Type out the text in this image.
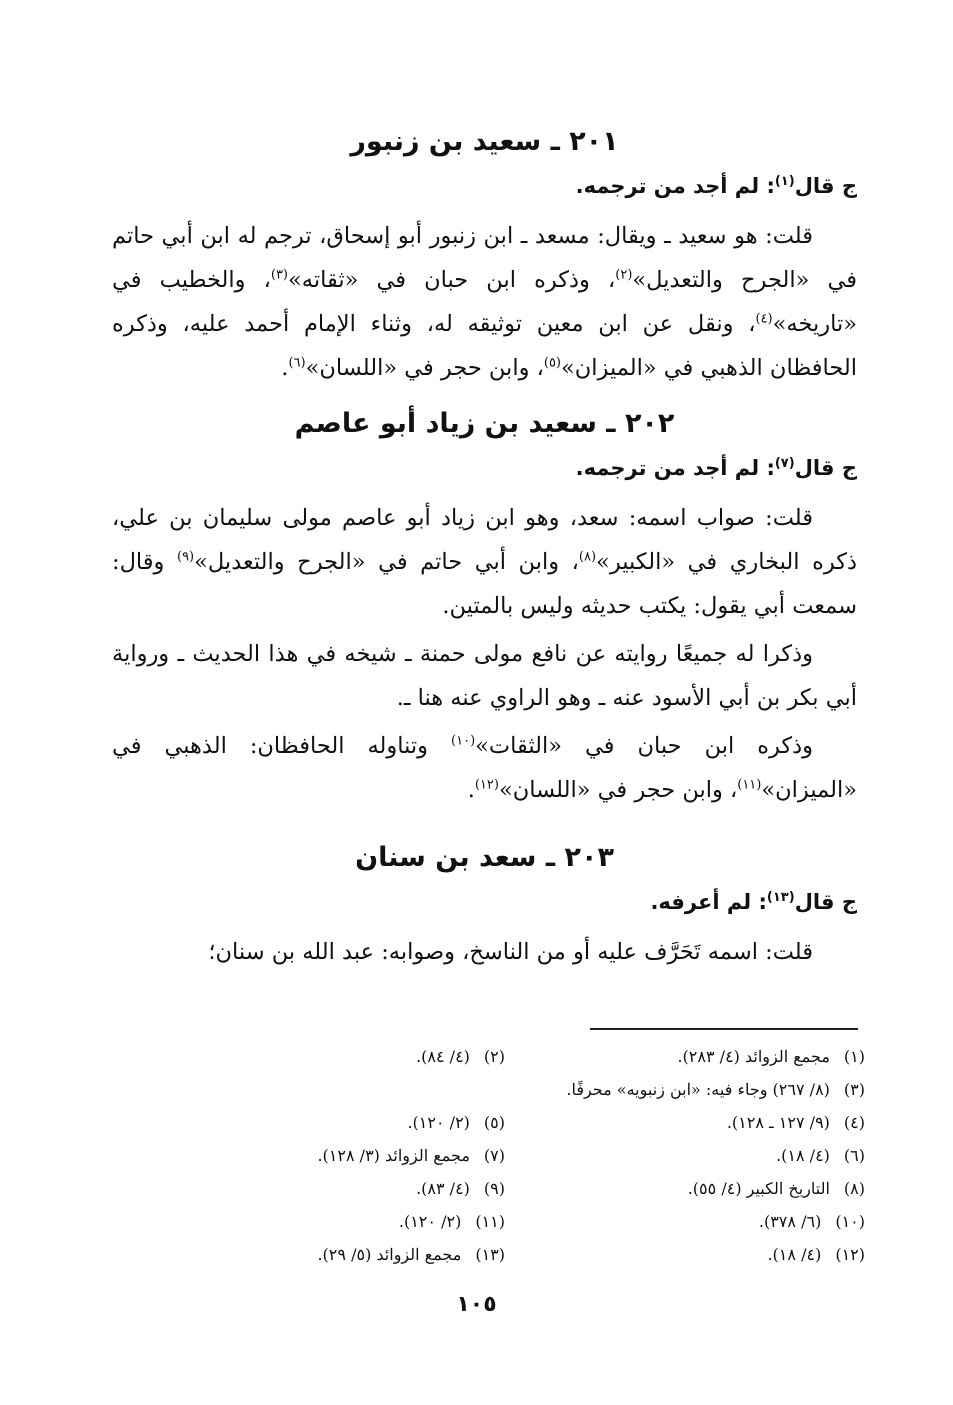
٢٠١ ـ سعيد بن زنبور

ج قال$^{(١)}$: لم أجد من ترجمه.

قلت: هو سعيد ـ ويقال: مسعد ـ ابن زنبور أبو إسحاق، ترجم له ابن أبي حاتم في «الجرح والتعديل»$^{(٢)}$، وذكره ابن حبان في «ثقاته»$^{(٣)}$، والخطيب في «تاريخه»$^{(٤)}$، ونقل عن ابن معين توثيقه له، وثناء الإمام أحمد عليه، وذكره الحافظان الذهبي في «الميزان»$^{(٥)}$، وابن حجر في «اللسان»$^{(٦)}$.

٢٠٢ ـ سعيد بن زياد أبو عاصم

ج قال$^{(٧)}$: لم أجد من ترجمه.

قلت: صواب اسمه: سعد، وهو ابن زياد أبو عاصم مولى سليمان بن علي، ذكره البخاري في «الكبير»$^{(٨)}$، وابن أبي حاتم في «الجرح والتعديل»$^{(٩)}$ وقال: سمعت أبي يقول: يكتب حديثه وليس بالمتين.

وذكرا له جميعًا روايته عن نافع مولى حمنة ـ شيخه في هذا الحديث ـ ورواية أبي بكر بن أبي الأسود عنه ـ وهو الراوي عنه هنا ـ.

وذكره ابن حبان في «الثقات»$^{(١٠)}$ وتناوله الحافظان: الذهبي في «الميزان»$^{(١١)}$، وابن حجر في «اللسان»$^{(١٢)}$.

٢٠٣ ـ سعد بن سنان

ج قال$^{(١٣)}$: لم أعرفه.

قلت: اسمه تَحَرَّف عليه أو من الناسخ، وصوابه: عبد الله بن سنان؛

(١)مجمع الزوائد (٤/ ٢٨٣).
(٢)(٤/ ٨٤).
(٣)(٨/ ٢٦٧) وجاء فيه: «ابن زنبويه» محرفًا.
(٤)(٩/ ١٢٧ ـ ١٢٨).
(٥)(٢/ ١٢٠).
(٦)(٤/ ١٨).
(٧)مجمع الزوائد (٣/ ١٢٨).
(٨)التاريخ الكبير (٤/ ٥٥).
(٩)(٤/ ٨٣).
(١٠)(٦/ ٣٧٨).
(١١)(٢/ ١٢٠).
(١٢)(٤/ ١٨).
(١٣)مجمع الزوائد (٥/ ٢٩).
١٠٥
